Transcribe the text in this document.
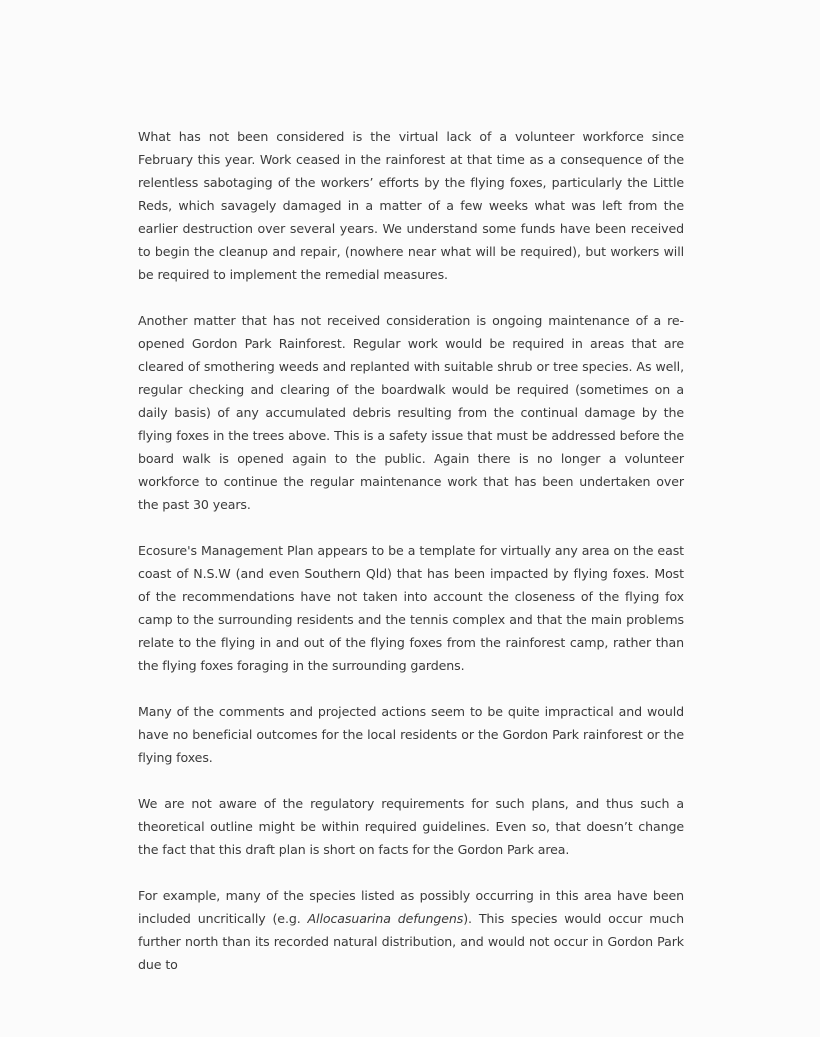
What has not been considered is the virtual lack of a volunteer workforce since February this year. Work ceased in the rainforest at that time as a consequence of the relentless sabotaging of the workers’ efforts by the flying foxes, particularly the Little Reds, which savagely damaged in a matter of a few weeks what was left from the earlier destruction over several years. We understand some funds have been received to begin the cleanup and repair, (nowhere near what will be required), but workers will be required to implement the remedial measures.

Another matter that has not received consideration is ongoing maintenance of a re-opened Gordon Park Rainforest. Regular work would be required in areas that are cleared of smothering weeds and replanted with suitable shrub or tree species. As well, regular checking and clearing of the boardwalk would be required (sometimes on a daily basis) of any accumulated debris resulting from the continual damage by the flying foxes in the trees above. This is a safety issue that must be addressed before the board walk is opened again to the public. Again there is no longer a volunteer workforce to continue the regular maintenance work that has been undertaken over the past 30 years.

Ecosure's Management Plan appears to be a template for virtually any area on the east coast of N.S.W (and even Southern Qld) that has been impacted by flying foxes. Most of the recommendations have not taken into account the closeness of the flying fox camp to the surrounding residents and the tennis complex and that the main problems relate to the flying in and out of the flying foxes from the rainforest camp, rather than the flying foxes foraging in the surrounding gardens.

Many of the comments and projected actions seem to be quite impractical and would have no beneficial outcomes for the local residents or the Gordon Park rainforest or the flying foxes.

We are not aware of the regulatory requirements for such plans, and thus such a theoretical outline might be within required guidelines. Even so, that doesn’t change the fact that this draft plan is short on facts for the Gordon Park area.

For example, many of the species listed as possibly occurring in this area have been included uncritically (e.g. Allocasuarina defungens). This species would occur much further north than its recorded natural distribution, and would not occur in Gordon Park due to
